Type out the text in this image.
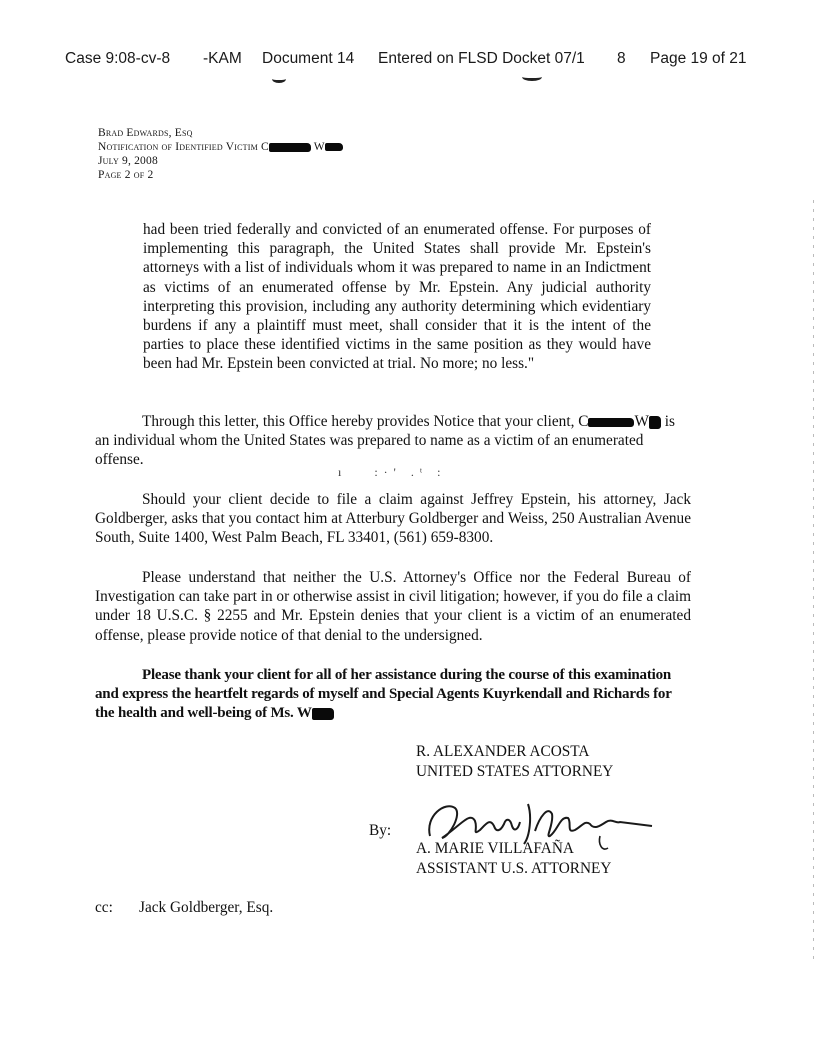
Case 9:08-cv-8 -KAM Document 14 Entered on FLSD Docket 07/1 8 Page 19 of 21
Brad Edwards, Esq
Notification of Identified Victim C	W
July 9, 2008
Page 2 of 2

had been tried federally and convicted of an enumerated offense. For purposes of implementing this paragraph, the United States shall provide Mr. Epstein's attorneys with a list of individuals whom it was prepared to name in an Indictment as victims of an enumerated offense by Mr. Epstein. Any judicial authority interpreting this provision, including any authority determining which evidentiary burdens if any a plaintiff must meet, shall consider that it is the intent of the parties to place these identified victims in the same position as they would have been had Mr. Epstein been convicted at trial. No more; no less."

Through this letter, this Office hereby provides Notice that your client, C	W is an individual whom the United States was prepared to name as a victim of an enumerated offense.

ı   :·' .ᵗ :

Should your client decide to file a claim against Jeffrey Epstein, his attorney, Jack Goldberger, asks that you contact him at Atterbury Goldberger and Weiss, 250 Australian Avenue South, Suite 1400, West Palm Beach, FL 33401, (561) 659-8300.

Please understand that neither the U.S. Attorney's Office nor the Federal Bureau of Investigation can take part in or otherwise assist in civil litigation; however, if you do file a claim under 18 U.S.C. § 2255 and Mr. Epstein denies that your client is a victim of an enumerated offense, please provide notice of that denial to the undersigned.

Please thank your client for all of her assistance during the course of this examination and express the heartfelt regards of myself and Special Agents Kuyrkendall and Richards for the health and well-being of Ms. W

R. ALEXANDER ACOSTA
UNITED STATES ATTORNEY
By:
A. MARIE VILLAFAÑA
ASSISTANT U.S. ATTORNEY
cc: Jack Goldberger, Esq.
